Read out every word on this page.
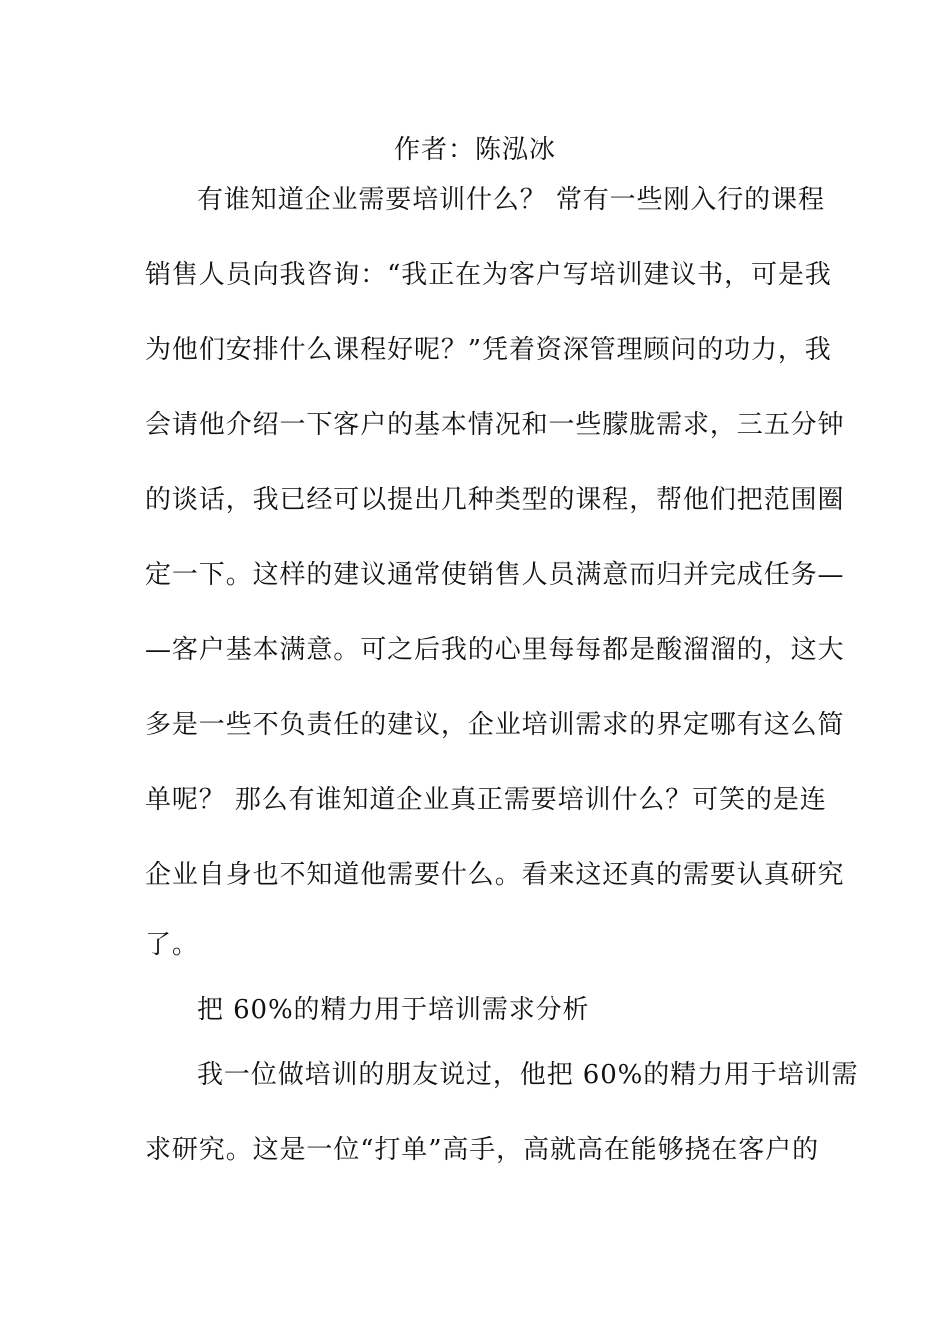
作者：陈泓冰
有谁知道企业需要培训什么？ 常有一些刚入行的课程
销售人员向我咨询：“我正在为客户写培训建议书，可是我
为他们安排什么课程好呢？”凭着资深管理顾问的功力，我
会请他介绍一下客户的基本情况和一些朦胧需求，三五分钟
的谈话，我已经可以提出几种类型的课程，帮他们把范围圈
定一下。这样的建议通常使销售人员满意而归并完成任务—
—客户基本满意。可之后我的心里每每都是酸溜溜的，这大
多是一些不负责任的建议，企业培训需求的界定哪有这么简
单呢？ 那么有谁知道企业真正需要培训什么？可笑的是连
企业自身也不知道他需要什么。看来这还真的需要认真研究
了。
把 60%的精力用于培训需求分析
我一位做培训的朋友说过，他把 60%的精力用于培训需
求研究。这是一位“打单”高手，高就高在能够挠在客户的
